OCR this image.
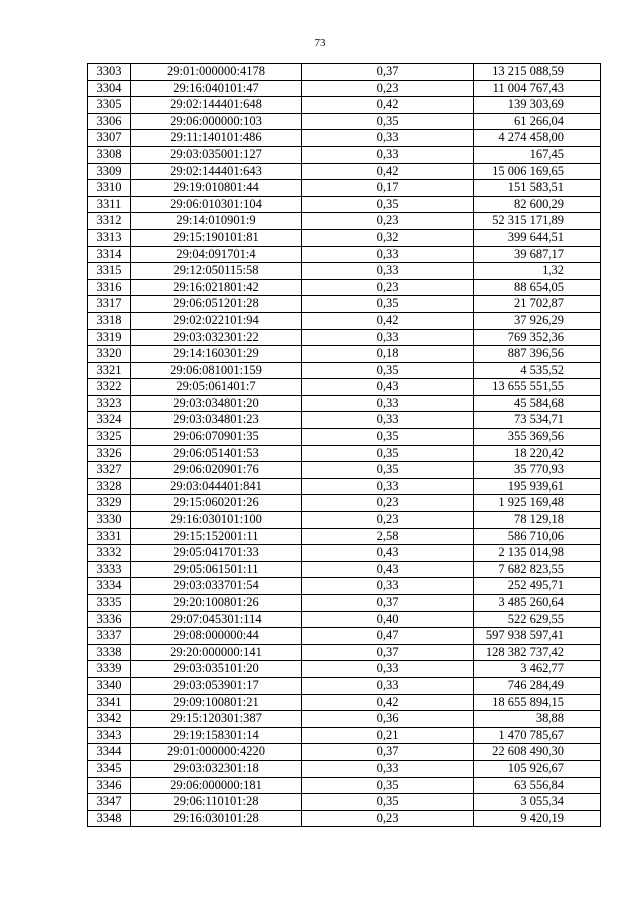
73
3303	29:01:000000:4178	0,37	13 215 088,59
3304	29:16:040101:47	0,23	11 004 767,43
3305	29:02:144401:648	0,42	139 303,69
3306	29:06:000000:103	0,35	61 266,04
3307	29:11:140101:486	0,33	4 274 458,00
3308	29:03:035001:127	0,33	167,45
3309	29:02:144401:643	0,42	15 006 169,65
3310	29:19:010801:44	0,17	151 583,51
3311	29:06:010301:104	0,35	82 600,29
3312	29:14:010901:9	0,23	52 315 171,89
3313	29:15:190101:81	0,32	399 644,51
3314	29:04:091701:4	0,33	39 687,17
3315	29:12:050115:58	0,33	1,32
3316	29:16:021801:42	0,23	88 654,05
3317	29:06:051201:28	0,35	21 702,87
3318	29:02:022101:94	0,42	37 926,29
3319	29:03:032301:22	0,33	769 352,36
3320	29:14:160301:29	0,18	887 396,56
3321	29:06:081001:159	0,35	4 535,52
3322	29:05:061401:7	0,43	13 655 551,55
3323	29:03:034801:20	0,33	45 584,68
3324	29:03:034801:23	0,33	73 534,71
3325	29:06:070901:35	0,35	355 369,56
3326	29:06:051401:53	0,35	18 220,42
3327	29:06:020901:76	0,35	35 770,93
3328	29:03:044401:841	0,33	195 939,61
3329	29:15:060201:26	0,23	1 925 169,48
3330	29:16:030101:100	0,23	78 129,18
3331	29:15:152001:11	2,58	586 710,06
3332	29:05:041701:33	0,43	2 135 014,98
3333	29:05:061501:11	0,43	7 682 823,55
3334	29:03:033701:54	0,33	252 495,71
3335	29:20:100801:26	0,37	3 485 260,64
3336	29:07:045301:114	0,40	522 629,55
3337	29:08:000000:44	0,47	597 938 597,41
3338	29:20:000000:141	0,37	128 382 737,42
3339	29:03:035101:20	0,33	3 462,77
3340	29:03:053901:17	0,33	746 284,49
3341	29:09:100801:21	0,42	18 655 894,15
3342	29:15:120301:387	0,36	38,88
3343	29:19:158301:14	0,21	1 470 785,67
3344	29:01:000000:4220	0,37	22 608 490,30
3345	29:03:032301:18	0,33	105 926,67
3346	29:06:000000:181	0,35	63 556,84
3347	29:06:110101:28	0,35	3 055,34
3348	29:16:030101:28	0,23	9 420,19
